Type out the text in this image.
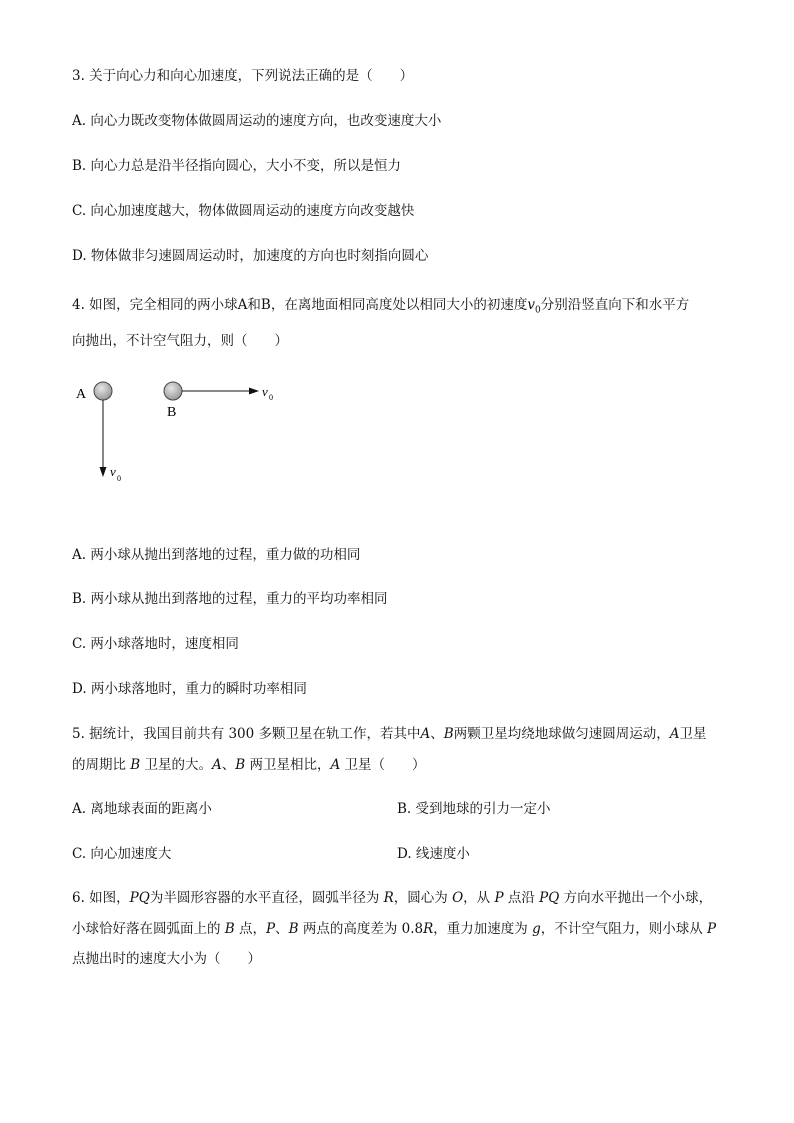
3. 关于向心力和向心加速度，下列说法正确的是（　　）
A. 向心力既改变物体做圆周运动的速度方向，也改变速度大小
B. 向心力总是沿半径指向圆心，大小不变，所以是恒力
C. 向心加速度越大，物体做圆周运动的速度方向改变越快
D. 物体做非匀速圆周运动时，加速度的方向也时刻指向圆心
4. 如图，完全相同的两小球A和B，在离地面相同高度处以相同大小的初速度$v_0$分别沿竖直向下和水平方
向抛出，不计空气阻力，则（　　）
A
v 0
B
v 0
A. 两小球从抛出到落地的过程，重力做的功相同
B. 两小球从抛出到落地的过程，重力的平均功率相同
C. 两小球落地时，速度相同
D. 两小球落地时，重力的瞬时功率相同
5. 据统计，我国目前共有 300 多颗卫星在轨工作，若其中A、B两颗卫星均绕地球做匀速圆周运动，A卫星
的周期比 B 卫星的大。A、B 两卫星相比，A 卫星（　　）
A. 离地球表面的距离小	B. 受到地球的引力一定小
C. 向心加速度大	D. 线速度小
6. 如图，PQ为半圆形容器的水平直径，圆弧半径为 R，圆心为 O，从 P 点沿 PQ 方向水平抛出一个小球，
小球恰好落在圆弧面上的 B 点，P、B 两点的高度差为 0.8R，重力加速度为 g，不计空气阻力，则小球从 P
点抛出时的速度大小为（　　）
